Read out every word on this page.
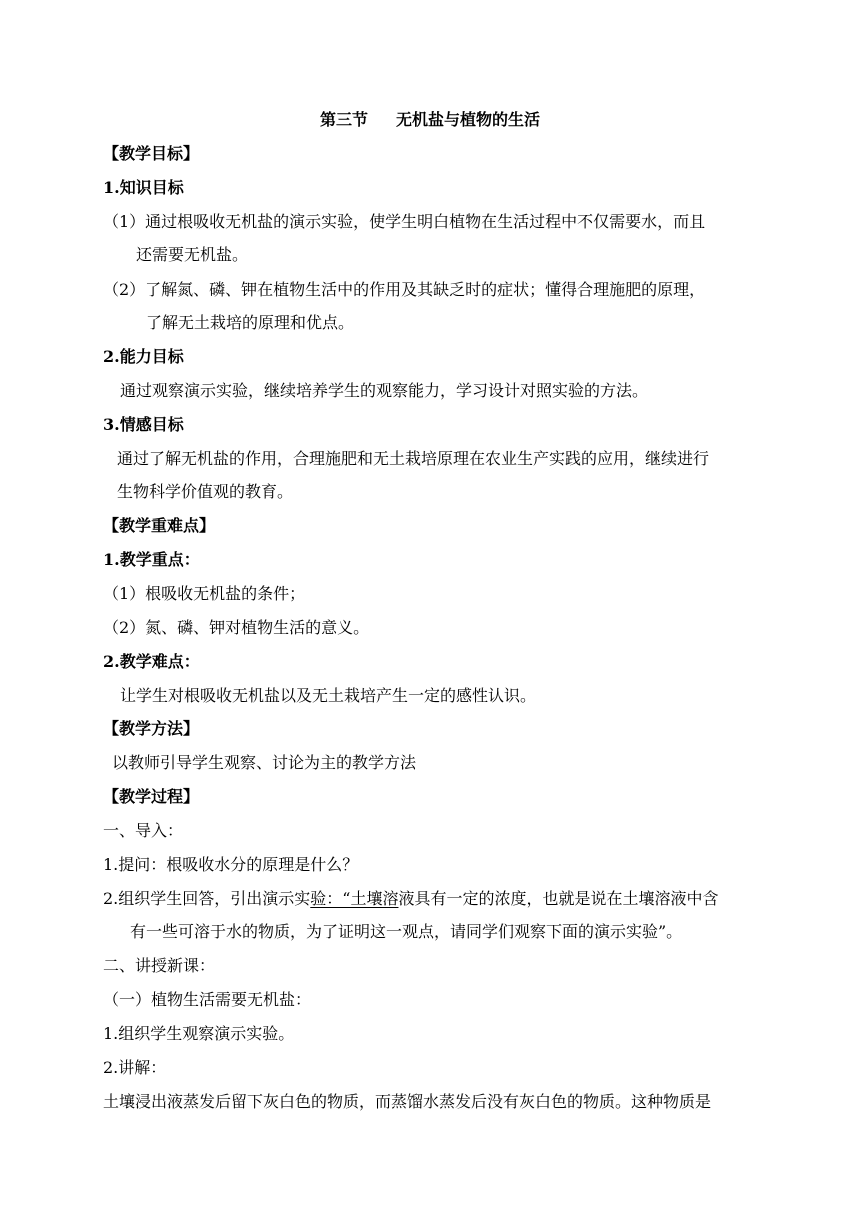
第三节 无机盐与植物的生活
【教学目标】
1.知识目标
（1）通过根吸收无机盐的演示实验，使学生明白植物在生活过程中不仅需要水，而且
还需要无机盐。
（2）了解氮、磷、钾在植物生活中的作用及其缺乏时的症状；懂得合理施肥的原理，
了解无土栽培的原理和优点。
2.能力目标
通过观察演示实验，继续培养学生的观察能力，学习设计对照实验的方法。
3.情感目标
通过了解无机盐的作用，合理施肥和无土栽培原理在农业生产实践的应用，继续进行
生物科学价值观的教育。
【教学重难点】
1.教学重点：
（1）根吸收无机盐的条件；
（2）氮、磷、钾对植物生活的意义。
2.教学难点：
让学生对根吸收无机盐以及无土栽培产生一定的感性认识。
【教学方法】
以教师引导学生观察、讨论为主的教学方法
【教学过程】
一、导入：
1.提问：根吸收水分的原理是什么？
2.组织学生回答，引出演示实验：“土壤溶液具有一定的浓度，也就是说在土壤溶液中含
有一些可溶于水的物质，为了证明这一观点，请同学们观察下面的演示实验”。
二、讲授新课：
（一）植物生活需要无机盐：
1.组织学生观察演示实验。
2.讲解：
土壤浸出液蒸发后留下灰白色的物质，而蒸馏水蒸发后没有灰白色的物质。这种物质是
